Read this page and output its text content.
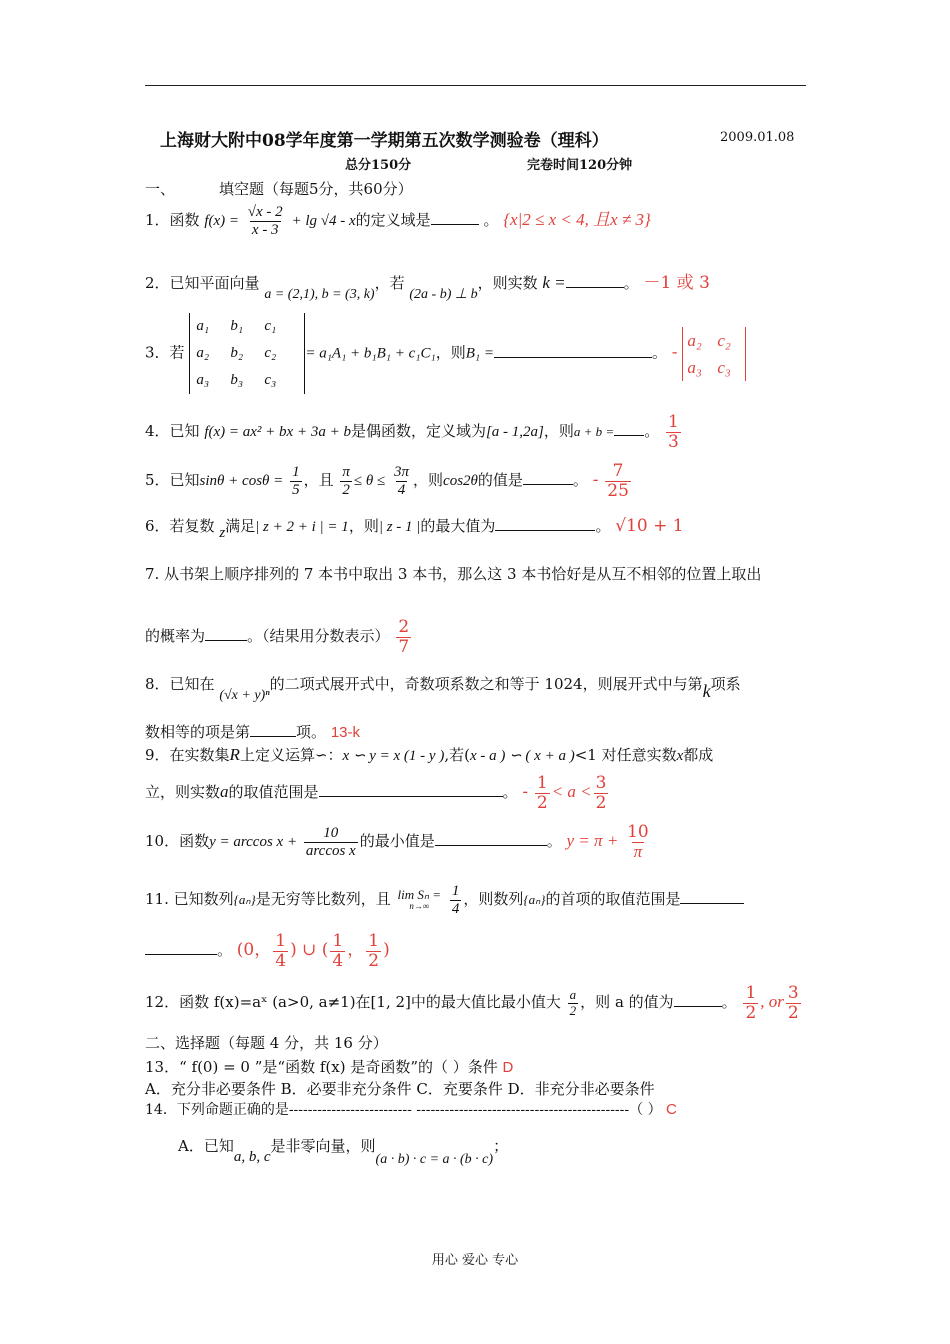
上海财大附中08学年度第一学期第五次数学测验卷（理科）	2009.01.08
总分150分	完卷时间120分钟
一、	填空题（每题5分，共60分）
1．函数 $f(x) = \frac{√x - 2}{x - 3} + \lg √4 - x$的定义域是	。 {x|2 ≤ x < 4, 且x ≠ 3}
2．已知平面向量 a = (2,1), b = (3, k)，若 (2a - b) ⊥ b，则实数 k =	。 －1 或 3
3．若
a₁ b₁ c₁
a₂ b₂ c₂
a₃ b₃ c₃
= a₁A₁ + b₁B₁ + c₁C₁，则B₁ =	。 -
a₂ c₂
a₃ c₃
4．已知 f(x) = ax² + bx + 3a + b是偶函数，定义域为[a - 1,2a]，则a + b = 。 $\frac{1}{3}$
5．已知$\sin\theta + \cos\theta = \frac{1}{5}$ ，且 $\frac{\pi}{2} \le \theta \le \frac{3\pi}{4}$ ，则cos2θ的值是	。 - $\frac{7}{25}$
6．若复数 z满足| z + 2 + i | = 1，则| z - 1 |的最大值为	。 √10 + 1
7. 从书架上顺序排列的 7 本书中取出 3 本书，那么这 3 本书恰好是从互不相邻的位置上取出
的概率为	。（结果用分数表示） $\frac{2}{7}$
8．已知在 (√x + y)ⁿ的二项式展开式中，奇数项系数之和等于 1024，则展开式中与第k项系
数相等的项是第	项。 13-k
9．在实数集R上定义运算∽：x ∽ y = x (1 - y ),若(x - a ) ∽ ( x + a )<1 对任意实数x都成
立，则实数a的取值范围是	。 - $\frac{1}{2} < a < \frac{3}{2}$
10．函数$y = \arccos x + \frac{10}{\text{arccos x}}$ 的最小值是	。 $y = \pi + \frac{10}{\pi}$
11. 已知数列{aₙ}是无穷等比数列，且 lim Sₙ =
n→∞
$\frac{1}{4}$ ，则数列{aₙ}的首项的取值范围是
。 (0， $\frac{1}{4}$ ) ∪ ( $\frac{1}{4}$ ， $\frac{1}{2}$ )
12．函数 f(x)=aˣ (a>0, a≠1)在[1, 2]中的最大值比最小值大 $\frac{a}{2}$ ，则 a 的值为	。 $\frac{1}{2}$ , or $\frac{3}{2}$
二、选择题（每题 4 分，共 16 分）
13．“ f(0) = 0 ”是“函数 f(x) 是奇函数”的（ ）条件 D
A．充分非必要条件 B．必要非充分条件 C．充要条件 D．非充分非必要条件
14．下列命题正确的是-------------------------- ---------------------------------------------（ ） C
A．已知a, b, c是非零向量，则(a · b) · c = a · (b · c)；
用心 爱心 专心
